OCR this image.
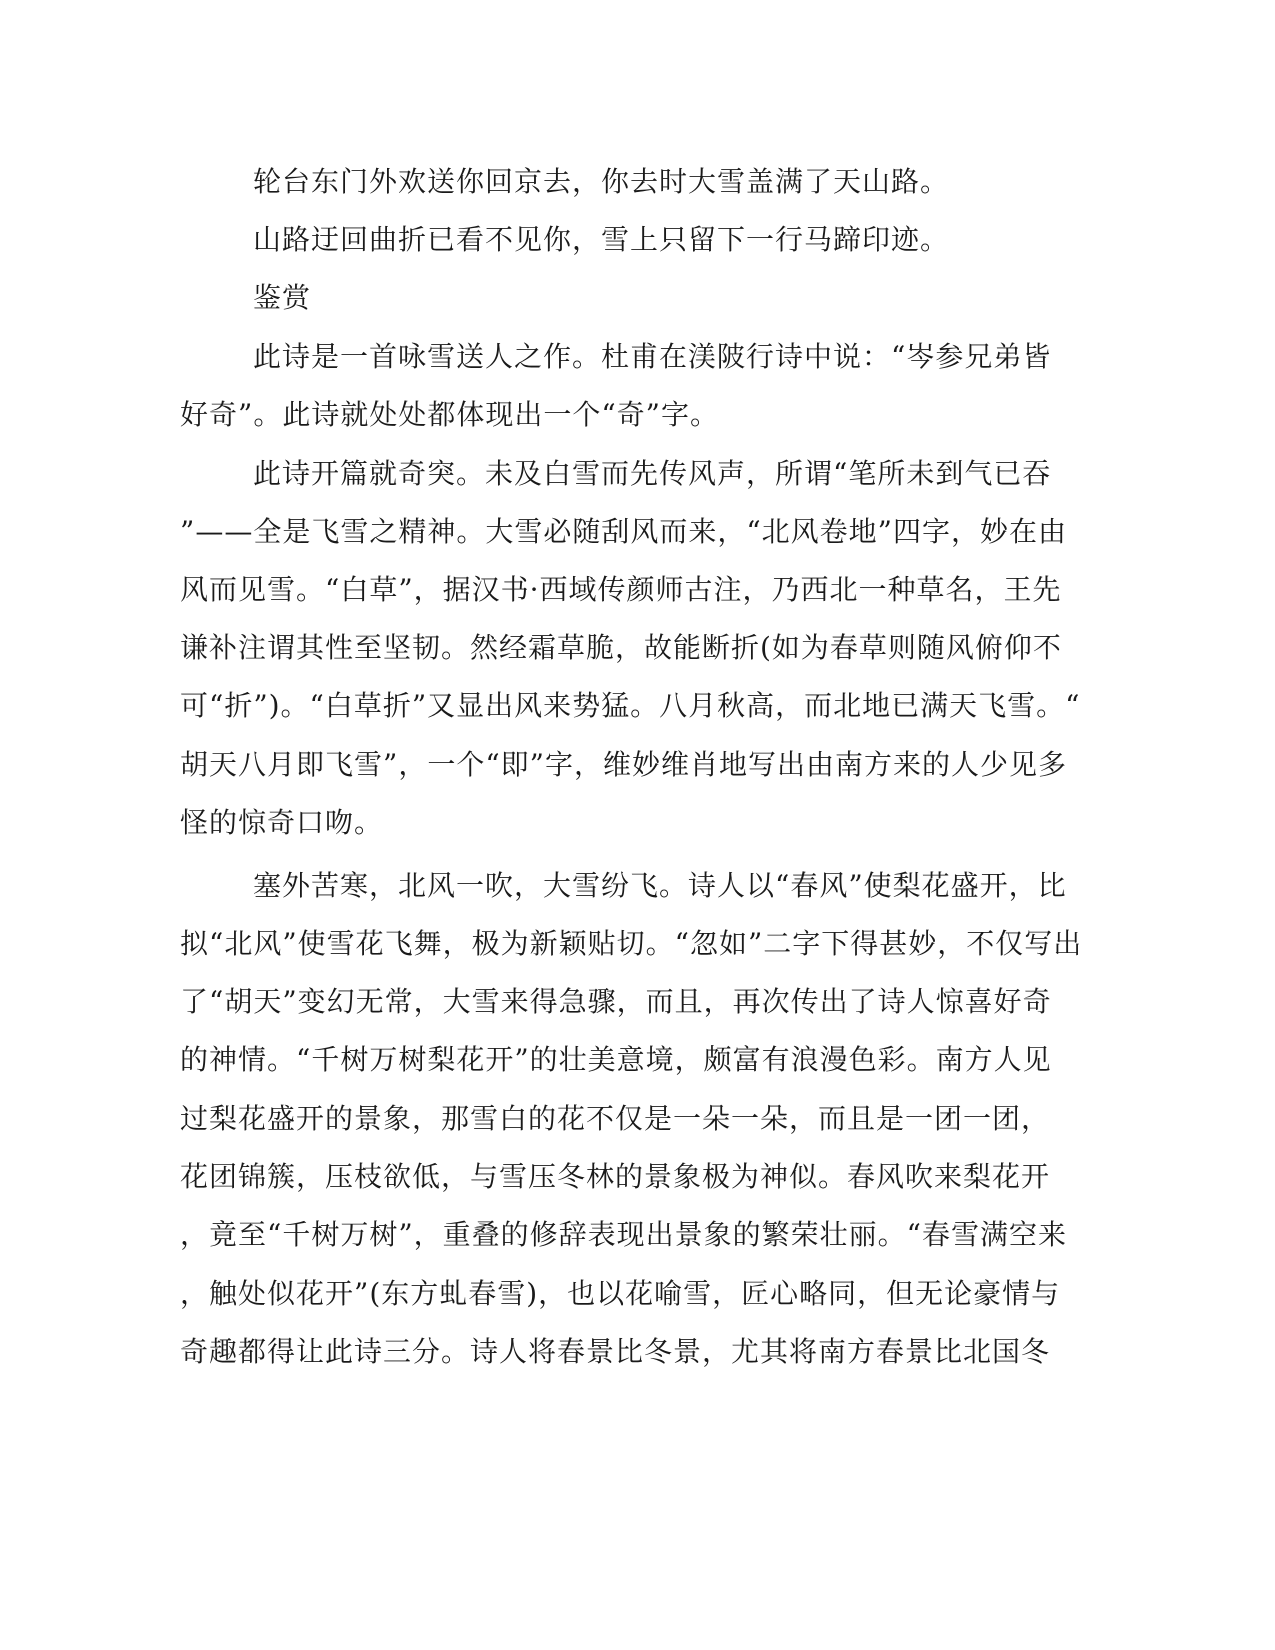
轮台东门外欢送你回京去，你去时大雪盖满了天山路。
山路迂回曲折已看不见你，雪上只留下一行马蹄印迹。
鉴赏
此诗是一首咏雪送人之作。杜甫在渼陂行诗中说：“岑参兄弟皆
好奇”。此诗就处处都体现出一个“奇”字。
此诗开篇就奇突。未及白雪而先传风声，所谓“笔所未到气已吞
”——全是飞雪之精神。大雪必随刮风而来，“北风卷地”四字，妙在由
风而见雪。“白草”，据汉书·西域传颜师古注，乃西北一种草名，王先
谦补注谓其性至坚韧。然经霜草脆，故能断折(如为春草则随风俯仰不
可“折”)。“白草折”又显出风来势猛。八月秋高，而北地已满天飞雪。“
胡天八月即飞雪”，一个“即”字，维妙维肖地写出由南方来的人少见多
怪的惊奇口吻。
塞外苦寒，北风一吹，大雪纷飞。诗人以“春风”使梨花盛开，比
拟“北风”使雪花飞舞，极为新颖贴切。“忽如”二字下得甚妙，不仅写出
了“胡天”变幻无常，大雪来得急骤，而且，再次传出了诗人惊喜好奇
的神情。“千树万树梨花开”的壮美意境，颇富有浪漫色彩。南方人见
过梨花盛开的景象，那雪白的花不仅是一朵一朵，而且是一团一团，
花团锦簇，压枝欲低，与雪压冬林的景象极为神似。春风吹来梨花开
，竟至“千树万树”，重叠的修辞表现出景象的繁荣壮丽。“春雪满空来
，触处似花开”(东方虬春雪)，也以花喻雪，匠心略同，但无论豪情与
奇趣都得让此诗三分。诗人将春景比冬景，尤其将南方春景比北国冬
